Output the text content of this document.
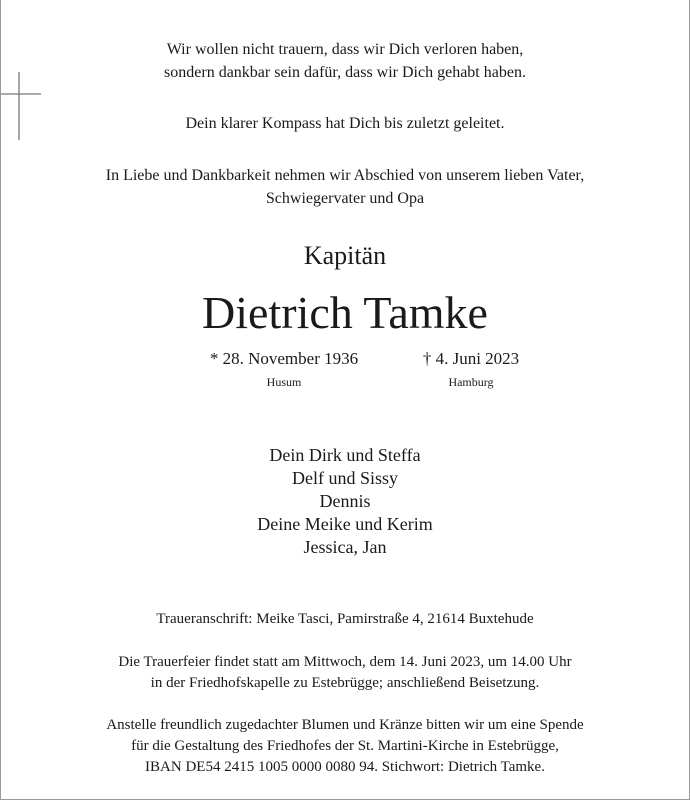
Wir wollen nicht trauern, dass wir Dich verloren haben,
sondern dankbar sein dafür, dass wir Dich gehabt haben.
Dein klarer Kompass hat Dich bis zuletzt geleitet.
In Liebe und Dankbarkeit nehmen wir Abschied von unserem lieben Vater,
Schwiegervater und Opa
Kapitän
Dietrich Tamke
* 28. November 1936
Husum
† 4. Juni 2023
Hamburg
Dein Dirk und Steffa
Delf und Sissy
Dennis
Deine Meike und Kerim
Jessica, Jan
Traueranschrift: Meike Tasci, Pamirstraße 4, 21614 Buxtehude
Die Trauerfeier findet statt am Mittwoch, dem 14. Juni 2023, um 14.00 Uhr
in der Friedhofskapelle zu Estebrügge; anschließend Beisetzung.
Anstelle freundlich zugedachter Blumen und Kränze bitten wir um eine Spende
für die Gestaltung des Friedhofes der St. Martini-Kirche in Estebrügge,
IBAN DE54 2415 1005 0000 0080 94. Stichwort: Dietrich Tamke.
